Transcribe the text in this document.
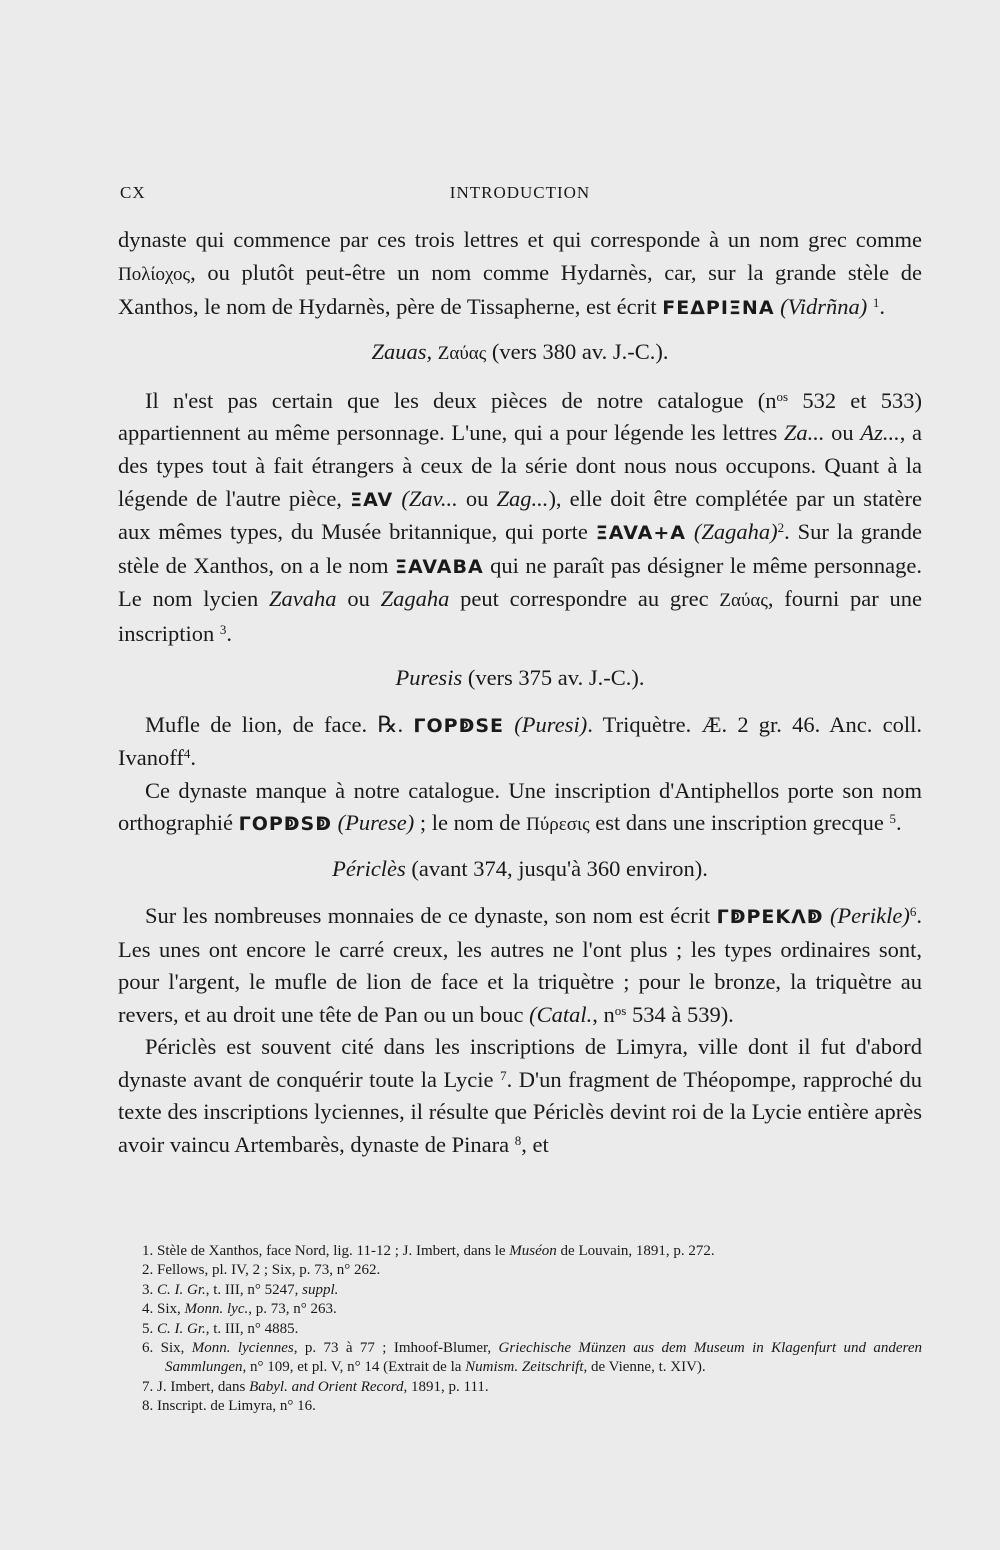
CX	INTRODUCTION

dynaste qui commence par ces trois lettres et qui corresponde à un nom grec comme Πολίοχος, ou plutôt peut-être un nom comme Hydarnès, car, sur la grande stèle de Xanthos, le nom de Hydarnès, père de Tissapherne, est écrit FEΔPIΞNA (Vidrñna) $^1$.

Zauas, Ζαύας (vers 380 av. J.-C.).

Il n'est pas certain que les deux pièces de notre catalogue ($n^{os}$ 532 et 533) appartiennent au même personnage. L'une, qui a pour légende les lettres Za... ou Az..., a des types tout à fait étrangers à ceux de la série dont nous nous occupons. Quant à la légende de l'autre pièce, ΞAV (Zav... ou Zag...), elle doit être complétée par un statère aux mêmes types, du Musée britannique, qui porte ΞAVA+A (Zagaha)$^2$. Sur la grande stèle de Xanthos, on a le nom ΞAVABA qui ne paraît pas désigner le même personnage. Le nom lycien Zavaha ou Zagaha peut correspondre au grec Ζαύας, fourni par une inscription $^3$.

Puresis (vers 375 av. J.-C.).

Mufle de lion, de face. ℞. ΓOPↁSE (Puresi). Triquètre. Æ. 2 gr. 46. Anc. coll. Ivanoff$^4$.

Ce dynaste manque à notre catalogue. Une inscription d'Antiphellos porte son nom orthographié ΓOPↁSↁ (Purese) ; le nom de Πύρεσις est dans une inscription grecque $^5$.

Périclès (avant 374, jusqu'à 360 environ).

Sur les nombreuses monnaies de ce dynaste, son nom est écrit ΓↁPEKΛↁ (Perikle)$^6$. Les unes ont encore le carré creux, les autres ne l'ont plus ; les types ordinaires sont, pour l'argent, le mufle de lion de face et la triquètre ; pour le bronze, la triquètre au revers, et au droit une tête de Pan ou un bouc (Catal., $n^{os}$ 534 à 539).

Périclès est souvent cité dans les inscriptions de Limyra, ville dont il fut d'abord dynaste avant de conquérir toute la Lycie $^7$. D'un fragment de Théopompe, rapproché du texte des inscriptions lyciennes, il résulte que Périclès devint roi de la Lycie entière après avoir vaincu Artembarès, dynaste de Pinara $^8$, et

1. Stèle de Xanthos, face Nord, lig. 11-12 ; J. Imbert, dans le Muséon de Louvain, 1891, p. 272.

2. Fellows, pl. IV, 2 ; Six, p. 73, n° 262.

3. C. I. Gr., t. III, n° 5247, suppl.

4. Six, Monn. lyc., p. 73, n° 263.

5. C. I. Gr., t. III, n° 4885.

6. Six, Monn. lyciennes, p. 73 à 77 ; Imhoof-Blumer, Griechische Münzen aus dem Museum in Klagenfurt und anderen Sammlungen, n° 109, et pl. V, n° 14 (Extrait de la Numism. Zeitschrift, de Vienne, t. XIV).

7. J. Imbert, dans Babyl. and Orient Record, 1891, p. 111.

8. Inscript. de Limyra, n° 16.
